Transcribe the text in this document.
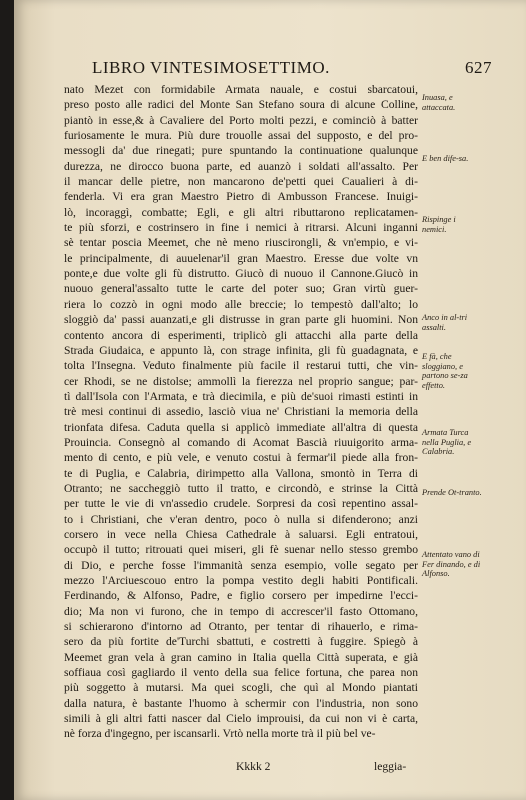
LIBRO VINTESIMOSETTIMO.	627
nato Mezet con formidabile Armata nauale, e costui sbarcatoui,
preso posto alle radici del Monte San Stefano soura di alcune Colline,
piantò in esse,& à Cavaliere del Porto molti pezzi, e cominciò à batter
furiosamente le mura. Più dure trouolle assai del supposto, e del pro-
messogli da' due rinegati; pure spuntando la continuatione qualunque
durezza, ne dirocco buona parte, ed auanzò i soldati all'assalto. Per
il mancar delle pietre, non mancarono de'petti quei Caualieri à di-
fenderla. Vi era gran Maestro Pietro di Ambusson Francese. Inuigi-
lò, incoraggì, combatte; Egli, e gli altri ributtarono replicatamen-
te più sforzi, e costrinsero in fine i nemici à ritrarsi. Alcuni inganni
sè tentar poscia Meemet, che nè meno riuscirongli, & vn'empio, e vi-
le principalmente, di auuelenar'il gran Maestro. Eresse due volte vn
ponte,e due volte gli fù distrutto. Giucò di nuouo il Cannone.Giucò in
nuouo general'assalto tutte le carte del poter suo; Gran virtù guer-
riera lo cozzò in ogni modo alle breccie; lo tempestò dall'alto; lo
sloggiò da' passi auanzati,e gli distrusse in gran parte gli huomini. Non
contento ancora di esperimenti, triplicò gli attacchi alla parte della
Strada Giudaica, e appunto là, con strage infinita, gli fù guadagnata, e
tolta l'Insegna. Veduto finalmente più facile il restarui tutti, che vin-
cer Rhodi, se ne distolse; ammollì la fierezza nel proprio sangue; par-
tì dall'Isola con l'Armata, e trà diecimila, e più de'suoi rimasti estinti in
trè mesi continui di assedio, lasciò viua ne' Christiani la memoria della
trionfata difesa. Caduta quella si applicò immediate all'altra di questa
Prouincia. Consegnò al comando di Acomat Bascià riuuigorito arma-
mento di cento, e più vele, e venuto costui à fermar'il piede alla fron-
te di Puglia, e Calabria, dirimpetto alla Vallona, smontò in Terra di
Otranto; ne saccheggiò tutto il tratto, e circondò, e strinse la Città
per tutte le vie di vn'assedio crudele. Sorpresi da così repentino assal-
to i Christiani, che v'eran dentro, poco ò nulla si difenderono; anzi
corsero in vece nella Chiesa Cathedrale à saluarsi. Egli entratoui,
occupò il tutto; ritrouati quei miseri, gli fè suenar nello stesso grembo
di Dio, e perche fosse l'immanità senza esempio, volle segato per
mezzo l'Arciuescouo entro la pompa vestito degli habiti Pontificali.
Ferdinando, & Alfonso, Padre, e figlio corsero per impedirne l'ecci-
dio; Ma non vi furono, che in tempo di accrescer'il fasto Ottomano,
si schierarono d'intorno ad Otranto, per tentar di rihauerlo, e rima-
sero da più fortite de'Turchi sbattuti, e costretti à fuggire. Spiegò à
Meemet gran vela à gran camino in Italia quella Città superata, e già
soffiaua così gagliardo il vento della sua felice fortuna, che parea non
più soggetto à mutarsi. Ma quei scogli, che quì al Mondo piantati
dalla natura, è bastante l'huomo à schermir con l'industria, non sono
simili à gli altri fatti nascer dal Cielo improuisi, da cui non vi è carta,
nè forza d'ingegno, per iscansarli. Vrtò nella morte trà il più bel ve-
Inuasa, e attaccata.
E ben dife-sa.
Rispinge i nemici.
Anco in al-tri assalti.
E fà, che sloggiano, e partono se-za effetto.
Armata Turca nella Puglia, e Calabria.
Prende Ot-tranto.
Attentato vano di Fer dinando, e di Alfonso.
Kkkk 2	leggia-
